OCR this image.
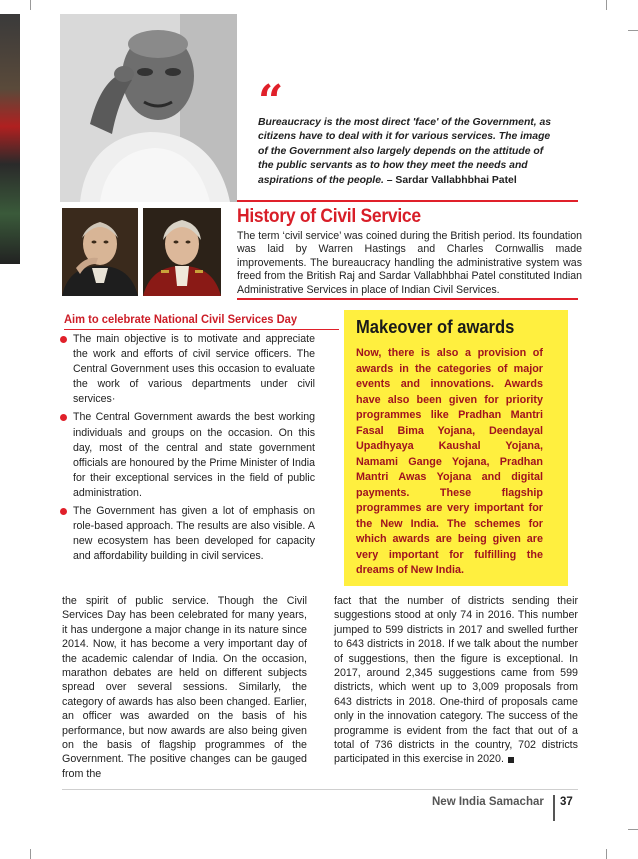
“
Bureaucracy is the most direct 'face' of the Government, as citizens have to deal with it for various services. The image of the Government also largely depends on the attitude of the public servants as to how they meet the needs and aspirations of the people. – Sardar Vallabhbhai Patel
History of Civil Service
The term ‘civil service’ was coined during the British period. Its foundation was laid by Warren Hastings and Charles Cornwallis made improvements. The bureaucracy handling the administrative system was freed from the British Raj and Sardar Vallabhbhai Patel constituted Indian Administrative Services in place of Indian Civil Services.
Aim to celebrate National Civil Services Day
The main objective is to motivate and appreciate the work and efforts of civil service officers. The Central Government uses this occasion to evaluate the work of various departments under civil services·
The Central Government awards the best working individuals and groups on the occasion. On this day, most of the central and state government officials are honoured by the Prime Minister of India for their exceptional services in the field of public administration.
The Government has given a lot of emphasis on role-based approach. The results are also visible. A new ecosystem has been developed for capacity and affordability building in civil services.
Makeover of awards
Now, there is also a provision of awards in the categories of major events and innovations. Awards have also been given for priority programmes like Pradhan Mantri Fasal Bima Yojana, Deendayal Upadhyaya Kaushal Yojana, Namami Gange Yojana, Pradhan Mantri Awas Yojana and digital payments. These flagship programmes are very important for the New India. The schemes for which awards are being given are very important for fulfilling the dreams of New India.
the spirit of public service. Though the Civil Services Day has been celebrated for many years, it has undergone a major change in its nature since 2014. Now, it has become a very important day of the academic calendar of India. On the occasion, marathon debates are held on different subjects spread over several sessions. Similarly, the category of awards has also been changed. Earlier, an officer was awarded on the basis of his performance, but now awards are also being given on the basis of flagship programmes of the Government. The positive changes can be gauged from the
fact that the number of districts sending their suggestions stood at only 74 in 2016. This number jumped to 599 districts in 2017 and swelled further to 643 districts in 2018. If we talk about the number of suggestions, then the figure is exceptional. In 2017, around 2,345 suggestions came from 599 districts, which went up to 3,009 proposals from 643 districts in 2018. One-third of proposals came only in the innovation category. The success of the programme is evident from the fact that out of a total of 736 districts in the country, 702 districts participated in this exercise in 2020.
New India Samachar 37
